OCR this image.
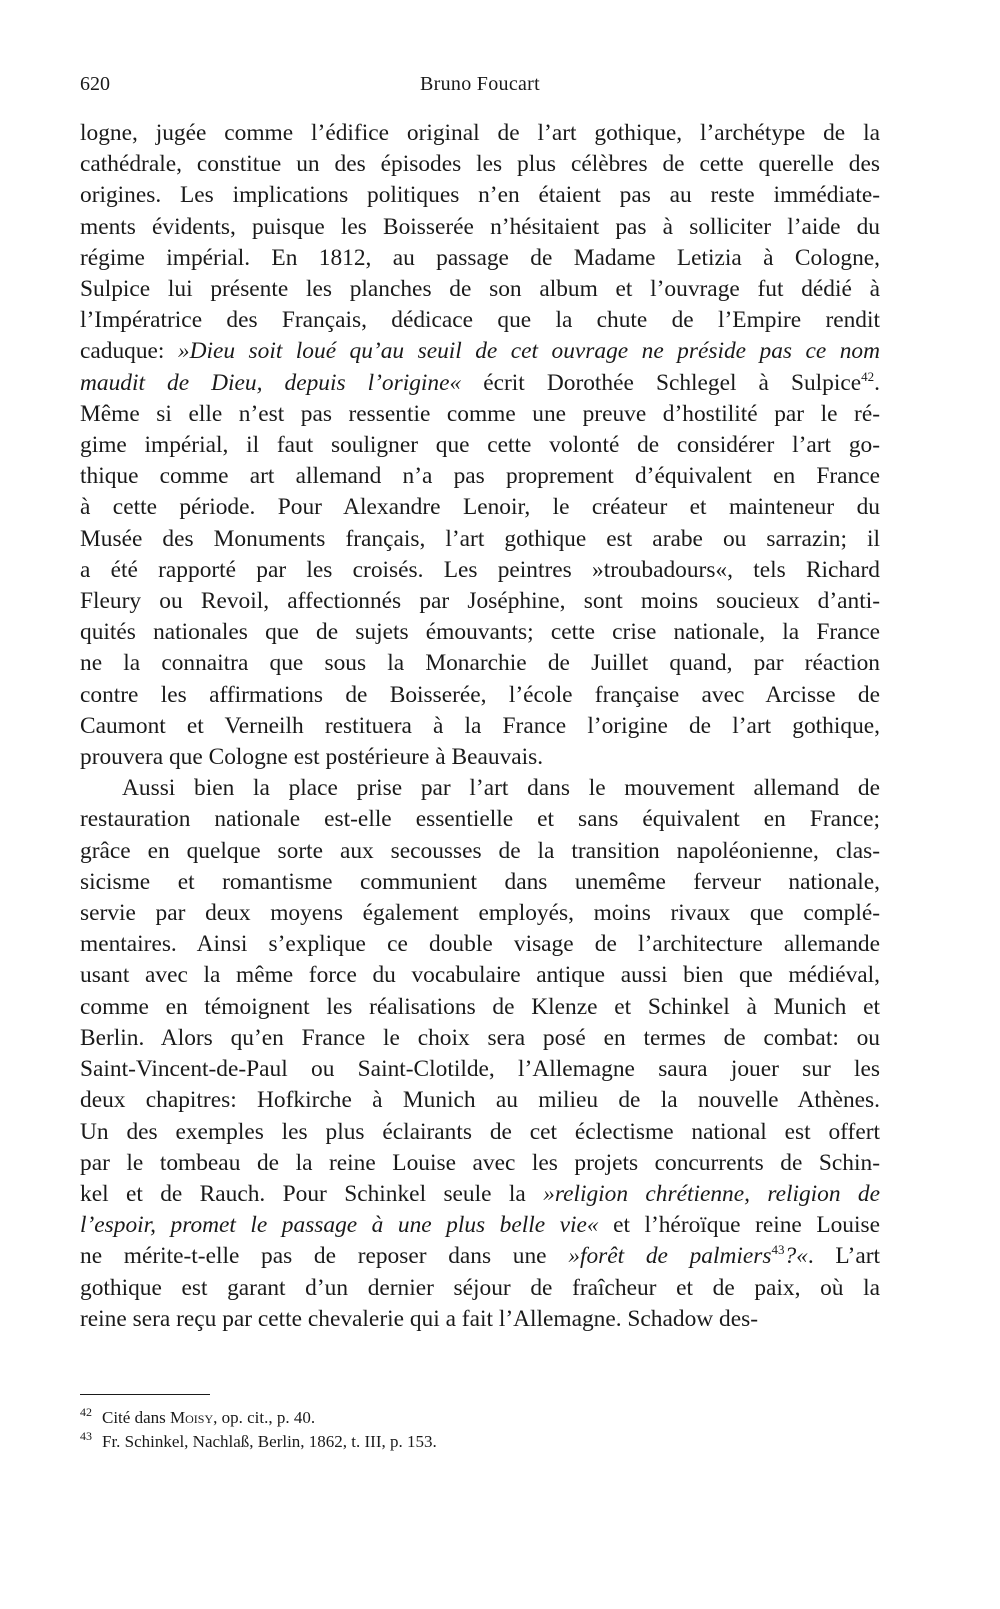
620	Bruno Foucart
logne, jugée comme l’édifice original de l’art gothique, l’archétype de la
cathédrale, constitue un des épisodes les plus célèbres de cette querelle des
origines. Les implications politiques n’en étaient pas au reste immédiate-
ments évidents, puisque les Boisserée n’hésitaient pas à solliciter l’aide du
régime impérial. En 1812, au passage de Madame Letizia à Cologne,
Sulpice lui présente les planches de son album et l’ouvrage fut dédié à
l’Impératrice des Français, dédicace que la chute de l’Empire rendit
caduque: »Dieu soit loué qu’au seuil de cet ouvrage ne préside pas ce nom
maudit de Dieu, depuis l’origine« écrit Dorothée Schlegel à Sulpice$^{42}$.
Même si elle n’est pas ressentie comme une preuve d’hostilité par le ré-
gime impérial, il faut souligner que cette volonté de considérer l’art go-
thique comme art allemand n’a pas proprement d’équivalent en France
à cette période. Pour Alexandre Lenoir, le créateur et mainteneur du
Musée des Monuments français, l’art gothique est arabe ou sarrazin; il
a été rapporté par les croisés. Les peintres »troubadours«, tels Richard
Fleury ou Revoil, affectionnés par Joséphine, sont moins soucieux d’anti-
quités nationales que de sujets émouvants; cette crise nationale, la France
ne la connaitra que sous la Monarchie de Juillet quand, par réaction
contre les affirmations de Boisserée, l’école française avec Arcisse de
Caumont et Verneilh restituera à la France l’origine de l’art gothique,
prouvera que Cologne est postérieure à Beauvais.
Aussi bien la place prise par l’art dans le mouvement allemand de
restauration nationale est-elle essentielle et sans équivalent en France;
grâce en quelque sorte aux secousses de la transition napoléonienne, clas-
sicisme et romantisme communient dans unemême ferveur nationale,
servie par deux moyens également employés, moins rivaux que complé-
mentaires. Ainsi s’explique ce double visage de l’architecture allemande
usant avec la même force du vocabulaire antique aussi bien que médiéval,
comme en témoignent les réalisations de Klenze et Schinkel à Munich et
Berlin. Alors qu’en France le choix sera posé en termes de combat: ou
Saint-Vincent-de-Paul ou Saint-Clotilde, l’Allemagne saura jouer sur les
deux chapitres: Hofkirche à Munich au milieu de la nouvelle Athènes.
Un des exemples les plus éclairants de cet éclectisme national est offert
par le tombeau de la reine Louise avec les projets concurrents de Schin-
kel et de Rauch. Pour Schinkel seule la »religion chrétienne, religion de
l’espoir, promet le passage à une plus belle vie« et l’héroïque reine Louise
ne mérite-t-elle pas de reposer dans une »forêt de palmiers$^{43}$?«. L’art
gothique est garant d’un dernier séjour de fraîcheur et de paix, où la
reine sera reçu par cette chevalerie qui a fait l’Allemagne. Schadow des-
$^{42}$ Cité dans Moisy, op. cit., p. 40.
$^{43}$ Fr. Schinkel, Nachlaß, Berlin, 1862, t. III, p. 153.
